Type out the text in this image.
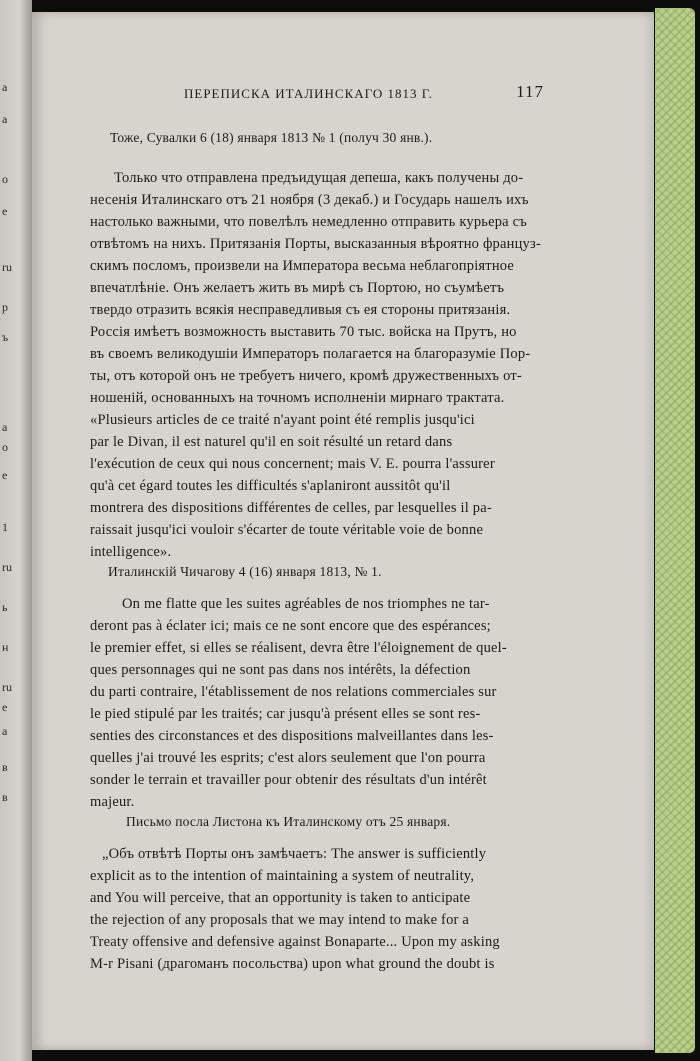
a
a
o
e
ru
р
ъ
a
o
e
1
ru
ь
н
ru
e
a
в
в
ПЕРЕПИСКА ИТАЛИНСКАГО 1813 Г.	117
Тоже, Сувалки 6 (18) января 1813 № 1 (получ 30 янв.).
Только что отправлена предъидущая депеша, какъ получены до-
несенія Италинскаго отъ 21 ноября (3 декаб.) и Государь нашелъ ихъ
настолько важными, что повелѣлъ немедленно отправить курьера съ
отвѣтомъ на нихъ. Притязанія Порты, высказанныя вѣроятно француз-
скимъ посломъ, произвели на Императора весьма неблагопріятное
впечатлѣніе. Онъ желаетъ жить въ мирѣ съ Портою, но съумѣетъ
твердо отразить всякія несправедливыя съ ея стороны притязанія.
Россія имѣетъ возможность выставить 70 тыс. войска на Прутъ, но
въ своемъ великодушіи Императоръ полагается на благоразуміе Пор-
ты, отъ которой онъ не требуетъ ничего, кромѣ дружественныхъ от-
ношеній, основанныхъ на точномъ исполненіи мирнаго трактата.
«Plusieurs articles de ce traité n'ayant point été remplis jusqu'ici
par le Divan, il est naturel qu'il en soit résulté un retard dans
l'exécution de ceux qui nous concernent; mais V. E. pourra l'assurer
qu'à cet égard toutes les difficultés s'aplaniront aussitôt qu'il
montrera des dispositions différentes de celles, par lesquelles il pa-
raissait jusqu'ici vouloir s'écarter de toute véritable voie de bonne
intelligence».
Италинскій Чичагову 4 (16) января 1813, № 1.
On me flatte que les suites agréables de nos triomphes ne tar-
deront pas à éclater ici; mais ce ne sont encore que des espérances;
le premier effet, si elles se réalisent, devra être l'éloignement de quel-
ques personnages qui ne sont pas dans nos intérêts, la défection
du parti contraire, l'établissement de nos relations commerciales sur
le pied stipulé par les traités; car jusqu'à présent elles se sont res-
senties des circonstances et des dispositions malveillantes dans les-
quelles j'ai trouvé les esprits; c'est alors seulement que l'on pourra
sonder le terrain et travailler pour obtenir des résultats d'un intérêt
majeur.
Письмо посла Листона къ Италинскому отъ 25 января.
„Объ отвѣтѣ Порты онъ замѣчаетъ: The answer is sufficiently
explicit as to the intention of maintaining a system of neutrality,
and You will perceive, that an opportunity is taken to anticipate
the rejection of any proposals that we may intend to make for a
Treaty offensive and defensive against Bonaparte... Upon my asking
M-r Pisani (драгоманъ посольства) upon what ground the doubt is
